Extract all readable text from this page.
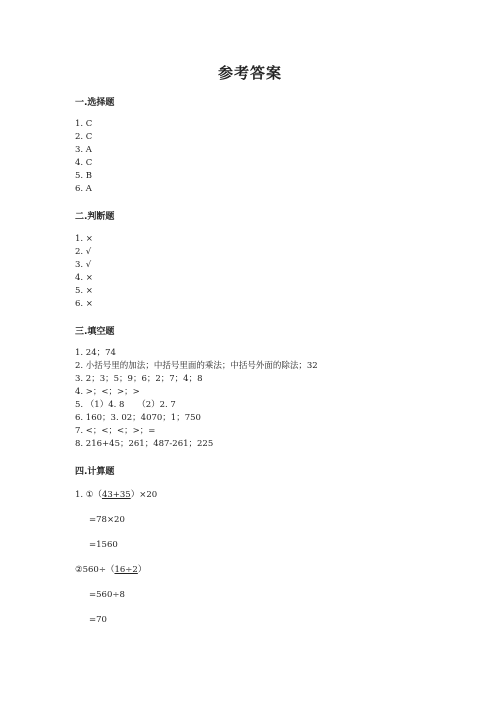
参考答案
一.选择题
1. C
2. C
3. A
4. C
5. B
6. A
二.判断题
1. ×
2. √
3. √
4. ×
5. ×
6. ×
三.填空题
1. 24；74
2. 小括号里的加法；中括号里面的乘法；中括号外面的除法；32
3. 2；3；5；9；6；2；7；4；8
4. >；<；>；>
5. （1）4. 8　　（2）2. 7
6. 160；3. 02；4070；1；750
7. <；<；<；>；=
8. 216+45；261；487-261；225
四.计算题
1. ①（43+35）×20
=78×20
=1560
②560÷（16÷2）
=560÷8
=70
